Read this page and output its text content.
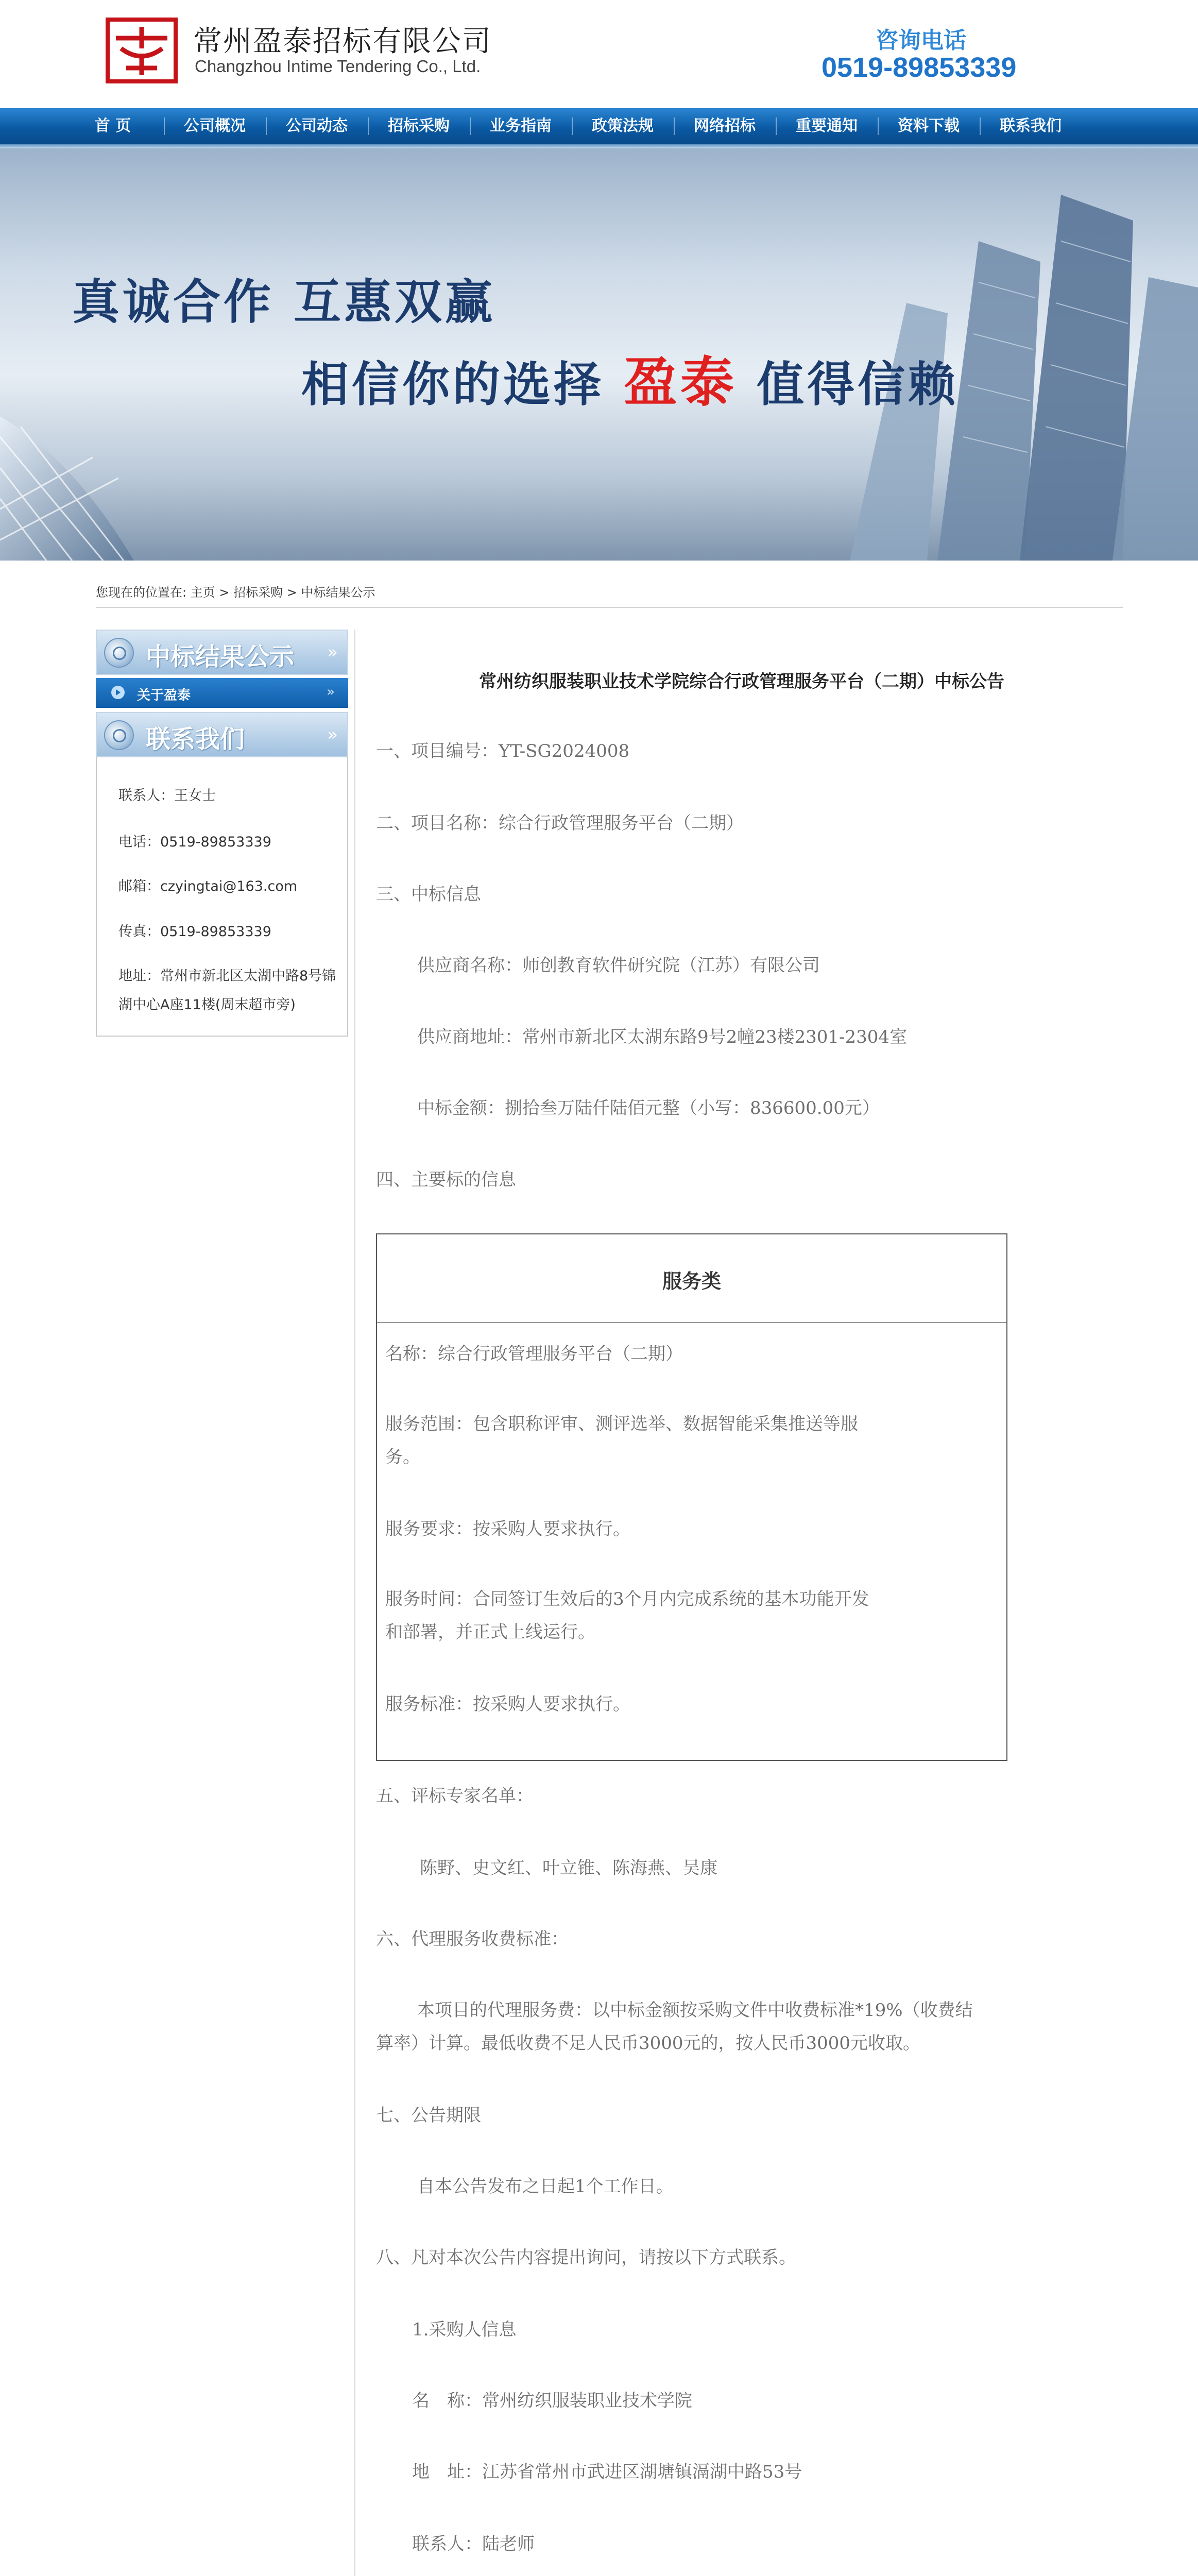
常州盈泰招标有限公司
Changzhou Intime Tendering Co., Ltd.
咨询电话
0519-89853339
首 页	公司概况	公司动态	招标采购	业务指南	政策法规	网络招标	重要通知	资料下载	联系我们
真诚合作 互惠双赢
相信你的选择 盈泰 值得信赖
您现在的位置在: 主页 > 招标采购 > 中标结果公示
中标结果公示 »
关于盈泰	»
联系我们	»
联系人：王女士
电话：0519-89853339
邮箱：czyingtai@163.com
传真：0519-89853339
地址：常州市新北区太湖中路8号锦
湖中心A座11楼(周末超市旁)
常州纺织服装职业技术学院综合行政管理服务平台（二期）中标公告
一、项目编号：YT-SG2024008
二、项目名称：综合行政管理服务平台（二期）
三、中标信息
供应商名称：师创教育软件研究院（江苏）有限公司
供应商地址：常州市新北区太湖东路9号2幢23楼2301-2304室
中标金额：捌拾叁万陆仟陆佰元整（小写：836600.00元）
四、主要标的信息
服务类
名称：综合行政管理服务平台（二期）
服务范围：包含职称评审、测评选举、数据智能采集推送等服
务。
服务要求：按采购人要求执行。
服务时间：合同签订生效后的3个月内完成系统的基本功能开发
和部署，并正式上线运行。
服务标准：按采购人要求执行。
五、评标专家名单：
陈野、史文红、叶立锥、陈海燕、吴康
六、代理服务收费标准：
本项目的代理服务费：以中标金额按采购文件中收费标准*19%（收费结
算率）计算。最低收费不足人民币3000元的，按人民币3000元收取。
七、公告期限
自本公告发布之日起1个工作日。
八、凡对本次公告内容提出询问，请按以下方式联系。
1.采购人信息
名　称：常州纺织服装职业技术学院
地　址：江苏省常州市武进区湖塘镇滆湖中路53号
联系人：陆老师
